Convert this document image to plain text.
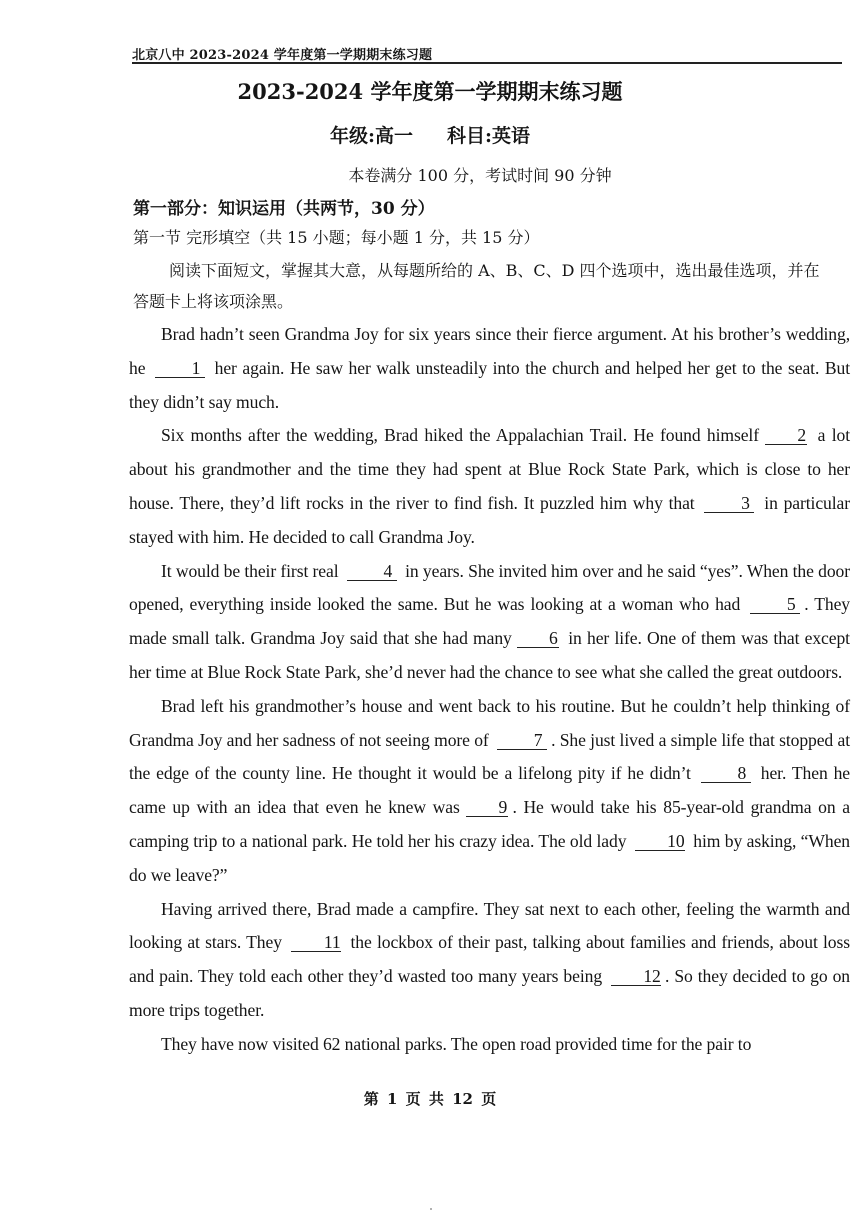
北京八中 2023-2024 学年度第一学期期末练习题
2023-2024 学年度第一学期期末练习题
年级:高一 科目:英语
本卷满分 100 分，考试时间 90 分钟
第一部分：知识运用（共两节，30 分）
第一节 完形填空（共 15 小题；每小题 1 分，共 15 分）

阅读下面短文，掌握其大意，从每题所给的 A、B、C、D 四个选项中，选出最佳选项，并在答题卡上将该项涂黑。

Brad hadn’t seen Grandma Joy for six years since their fierce argument. At his brother’s wedding, he	1 her again. He saw her walk unsteadily into the church and helped her get to the seat. But they didn’t say much.

Six months after the wedding, Brad hiked the Appalachian Trail. He found himself 2 a lot about his grandmother and the time they had spent at Blue Rock State Park, which is close to her house. There, they’d lift rocks in the river to find fish. It puzzled him why that	3 in particular stayed with him. He decided to call Grandma Joy.

It would be their first real	4 in years. She invited him over and he said “yes”. When the door opened, everything inside looked the same. But he was looking at a woman who had	5 . They made small talk. Grandma Joy said that she had many 6 in her life. One of them was that except her time at Blue Rock State Park, she’d never had the chance to see what she called the great outdoors.

Brad left his grandmother’s house and went back to his routine. But he couldn’t help thinking of Grandma Joy and her sadness of not seeing more of	7 . She just lived a simple life that stopped at the edge of the county line. He thought it would be a lifelong pity if he didn’t	8 her. Then he came up with an idea that even he knew was 9 . He would take his 85-year-old grandma on a camping trip to a national park. He told her his crazy idea. The old lady 10 him by asking, “When do we leave?”

Having arrived there, Brad made a campfire. They sat next to each other, feeling the warmth and looking at stars. They 11 the lockbox of their past, talking about families and friends, about loss and pain. They told each other they’d wasted too many years being 12 . So they decided to go on more trips together.

They have now visited 62 national parks. The open road provided time for the pair to

第 1 页 共 12 页
